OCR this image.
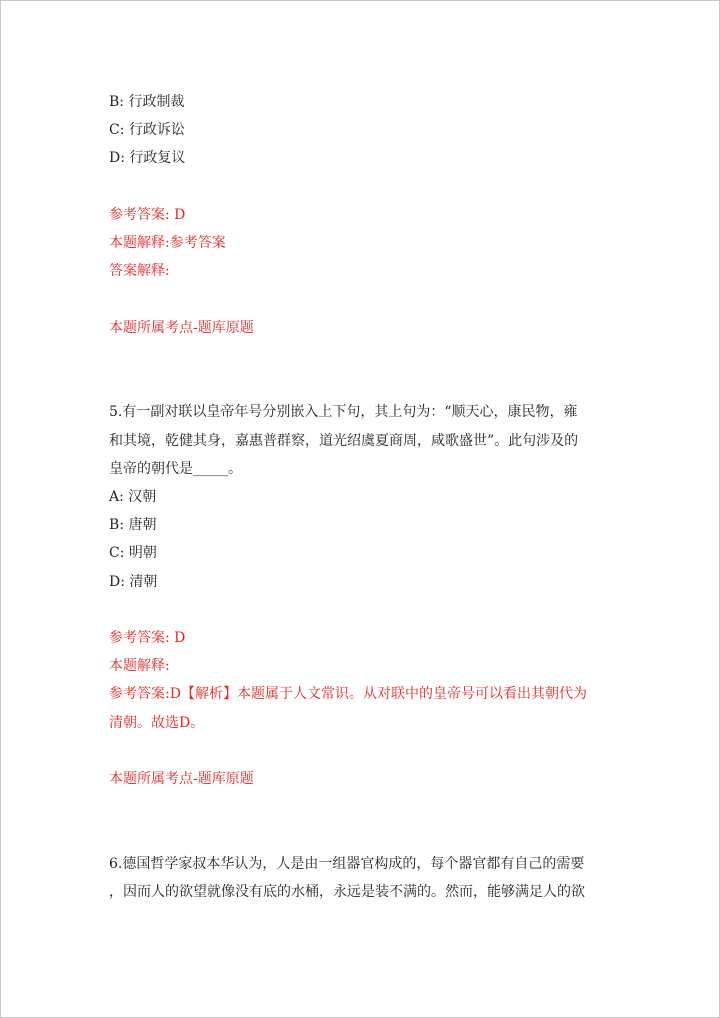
B: 行政制裁
C: 行政诉讼
D: 行政复议
参考答案: D
本题解释:参考答案
答案解释:
本题所属考点-题库原题
5.有一副对联以皇帝年号分别嵌入上下句，其上句为：“顺天心，康民物，雍
和其境，乾健其身，嘉惠普群察，道光绍虞夏商周，咸歌盛世”。此句涉及的
皇帝的朝代是_____。
A: 汉朝
B: 唐朝
C: 明朝
D: 清朝
参考答案: D
本题解释:
参考答案:D【解析】本题属于人文常识。从对联中的皇帝号可以看出其朝代为
清朝。故选D。
本题所属考点-题库原题
6.德国哲学家叔本华认为，人是由一组器官构成的，每个器官都有自己的需要
，因而人的欲望就像没有底的水桶，永远是装不满的。然而，能够满足人的欲
